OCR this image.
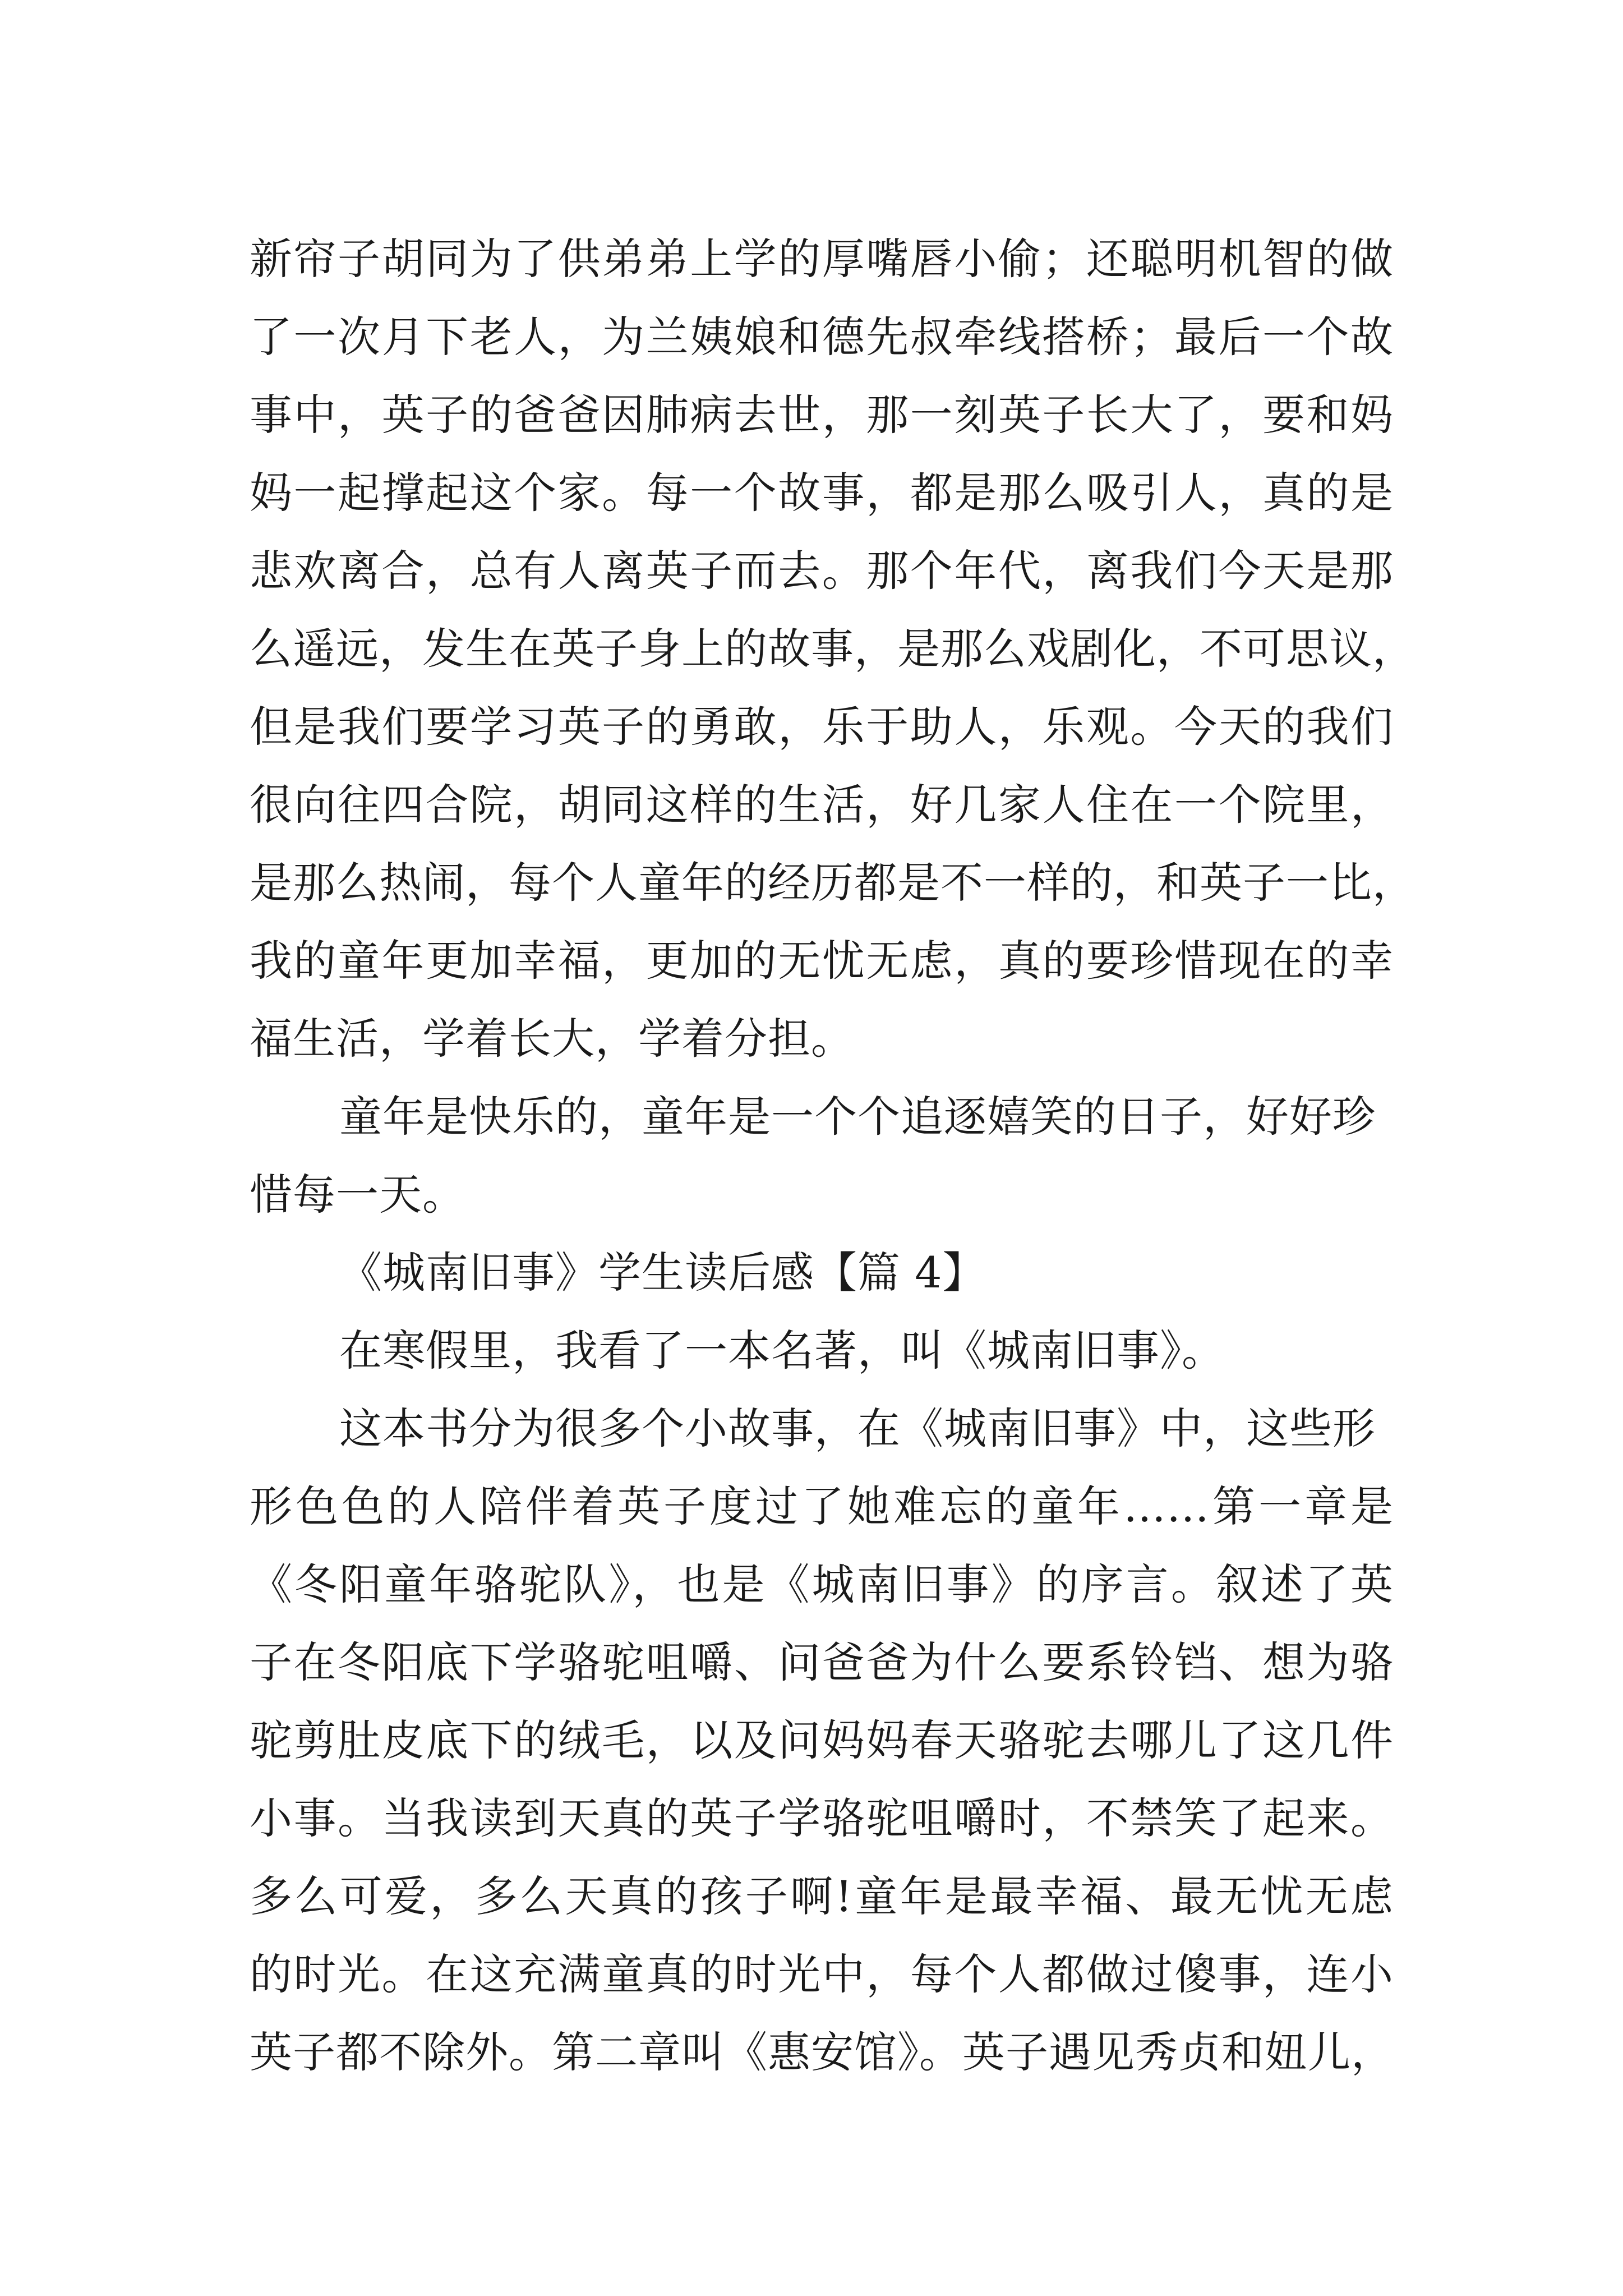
新帘子胡同为了供弟弟上学的厚嘴唇小偷；还聪明机智的做
了一次月下老人，为兰姨娘和德先叔牵线搭桥；最后一个故
事中，英子的爸爸因肺病去世，那一刻英子长大了，要和妈
妈一起撑起这个家。每一个故事，都是那么吸引人，真的是
悲欢离合，总有人离英子而去。那个年代，离我们今天是那
么遥远，发生在英子身上的故事，是那么戏剧化，不可思议，
但是我们要学习英子的勇敢，乐于助人，乐观。今天的我们
很向往四合院，胡同这样的生活，好几家人住在一个院里，
是那么热闹，每个人童年的经历都是不一样的，和英子一比，
我的童年更加幸福，更加的无忧无虑，真的要珍惜现在的幸
福生活，学着长大，学着分担。
童年是快乐的，童年是一个个追逐嬉笑的日子，好好珍
惜每一天。
《城南旧事》学生读后感【篇 4】
在寒假里，我看了一本名著，叫《城南旧事》。
这本书分为很多个小故事，在《城南旧事》中，这些形
形色色的人陪伴着英子度过了她难忘的童年……第一章是
《冬阳童年骆驼队》，也是《城南旧事》的序言。叙述了英
子在冬阳底下学骆驼咀嚼、问爸爸为什么要系铃铛、想为骆
驼剪肚皮底下的绒毛，以及问妈妈春天骆驼去哪儿了这几件
小事。当我读到天真的英子学骆驼咀嚼时，不禁笑了起来。
多么可爱，多么天真的孩子啊!童年是最幸福、最无忧无虑
的时光。在这充满童真的时光中，每个人都做过傻事，连小
英子都不除外。第二章叫《惠安馆》。英子遇见秀贞和妞儿，
